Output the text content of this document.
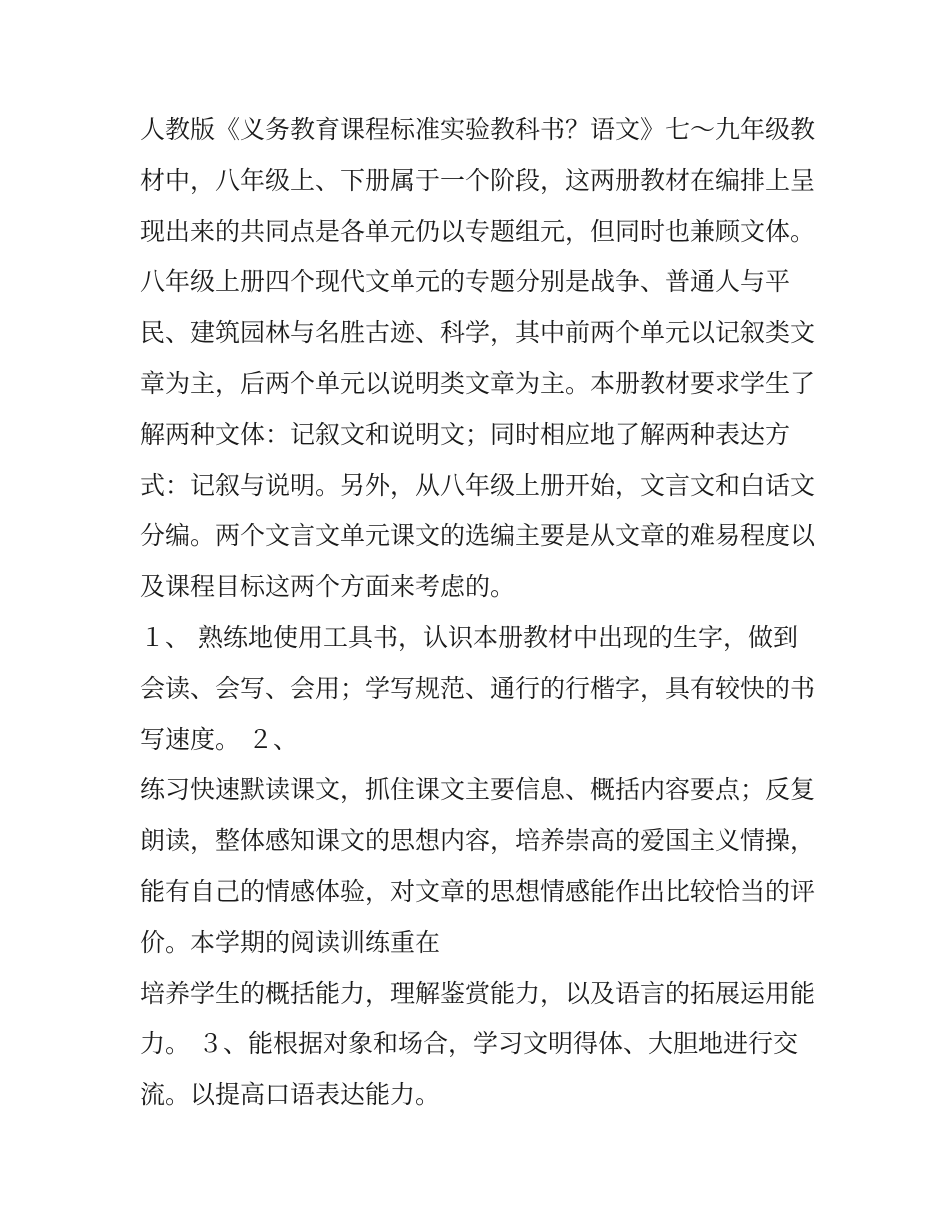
人教版《义务教育课程标准实验教科书？语文》七～九年级教
材中，八年级上、下册属于一个阶段，这两册教材在编排上呈
现出来的共同点是各单元仍以专题组元，但同时也兼顾文体。
八年级上册四个现代文单元的专题分别是战争、普通人与平
民、建筑园林与名胜古迹、科学，其中前两个单元以记叙类文
章为主，后两个单元以说明类文章为主。本册教材要求学生了
解两种文体：记叙文和说明文；同时相应地了解两种表达方
式：记叙与说明。另外，从八年级上册开始，文言文和白话文
分编。两个文言文单元课文的选编主要是从文章的难易程度以
及课程目标这两个方面来考虑的。
１、 熟练地使用工具书，认识本册教材中出现的生字，做到
会读、会写、会用；学写规范、通行的行楷字，具有较快的书
写速度。 ２、
练习快速默读课文，抓住课文主要信息、概括内容要点；反复
朗读，整体感知课文的思想内容，培养崇高的爱国主义情操，
能有自己的情感体验，对文章的思想情感能作出比较恰当的评
价。本学期的阅读训练重在
培养学生的概括能力，理解鉴赏能力，以及语言的拓展运用能
力。 ３、能根据对象和场合，学习文明得体、大胆地进行交
流。以提高口语表达能力。
